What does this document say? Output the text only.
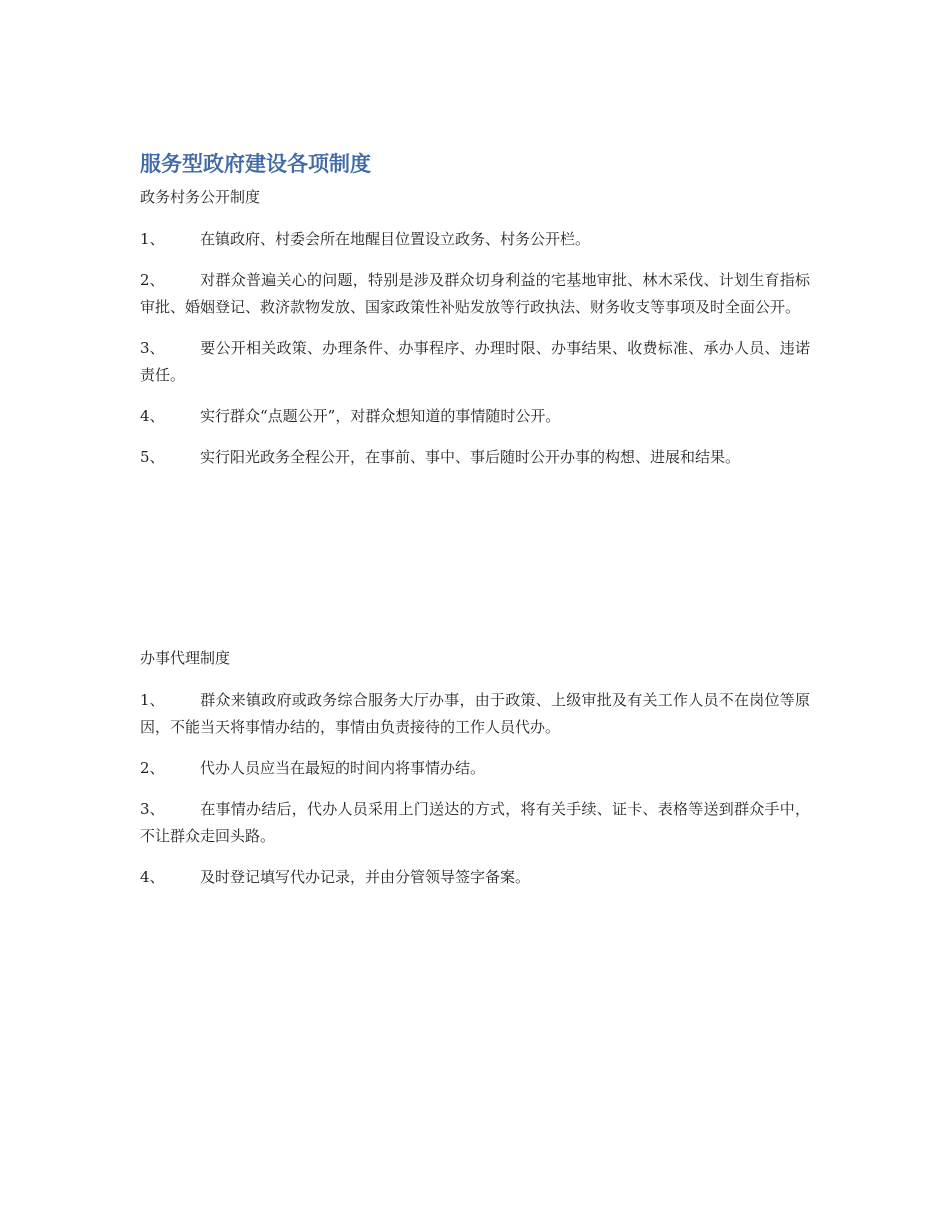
服务型政府建设各项制度
政务村务公开制度
1、 在镇政府、村委会所在地醒目位置设立政务、村务公开栏。
2、 对群众普遍关心的问题，特别是涉及群众切身利益的宅基地审批、林木采伐、计划生育指标审批、婚姻登记、救济款物发放、国家政策性补贴发放等行政执法、财务收支等事项及时全面公开。
3、 要公开相关政策、办理条件、办事程序、办理时限、办事结果、收费标准、承办人员、违诺责任。
4、 实行群众“点题公开”，对群众想知道的事情随时公开。
5、 实行阳光政务全程公开，在事前、事中、事后随时公开办事的构想、进展和结果。
办事代理制度
1、 群众来镇政府或政务综合服务大厅办事，由于政策、上级审批及有关工作人员不在岗位等原因，不能当天将事情办结的，事情由负责接待的工作人员代办。
2、 代办人员应当在最短的时间内将事情办结。
3、 在事情办结后，代办人员采用上门送达的方式，将有关手续、证卡、表格等送到群众手中，不让群众走回头路。
4、 及时登记填写代办记录，并由分管领导签字备案。
